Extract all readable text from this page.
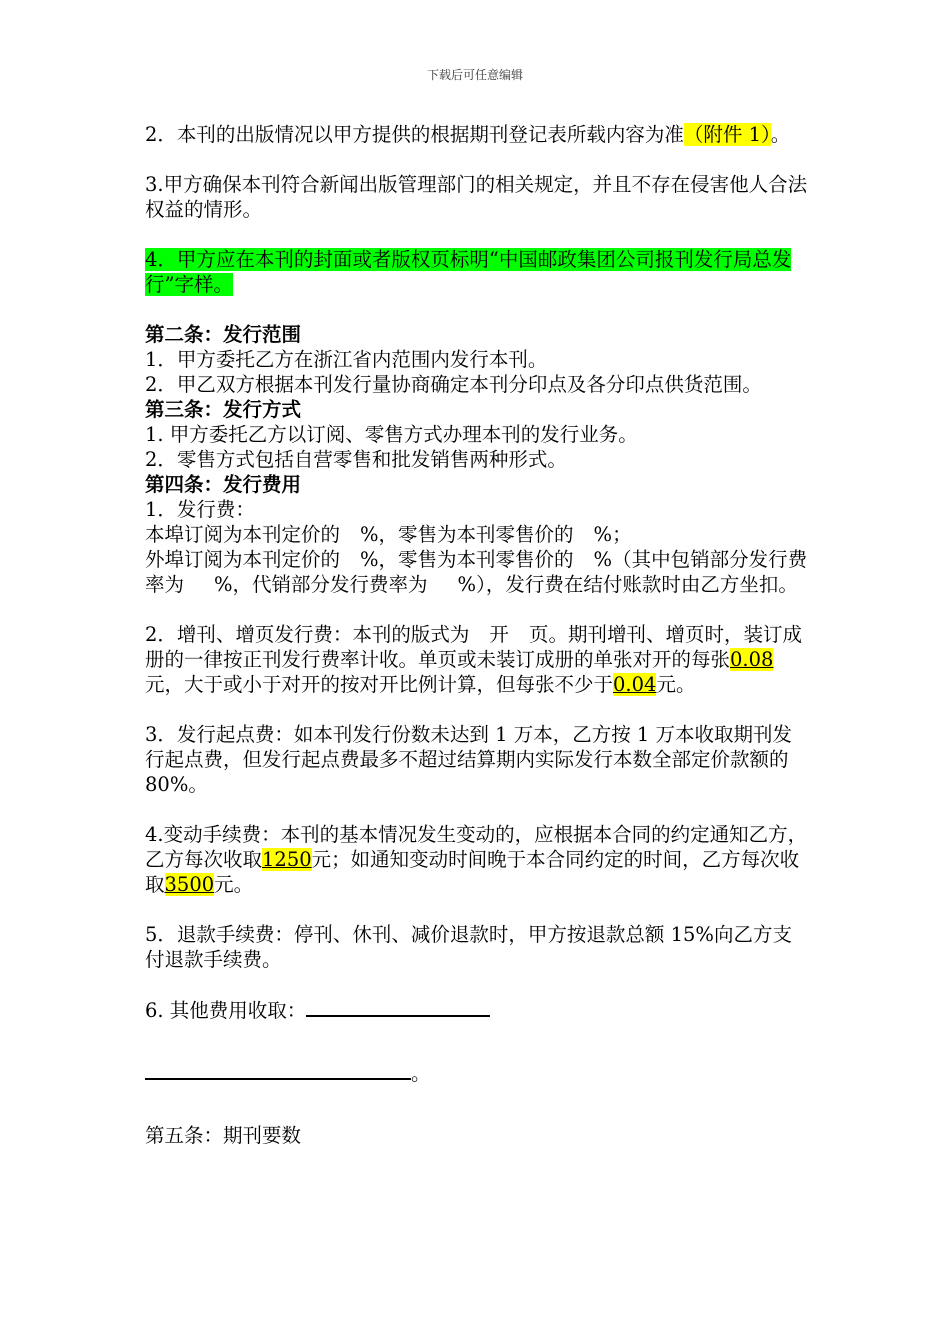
下载后可任意编辑

2．本刊的出版情况以甲方提供的根据期刊登记表所载内容为准（附件 1）。

3.甲方确保本刊符合新闻出版管理部门的相关规定，并且不存在侵害他人合法权益的情形。

4．甲方应在本刊的封面或者版权页标明“中国邮政集团公司报刊发行局总发行”字样。

第二条：发行范围

1．甲方委托乙方在浙江省内范围内发行本刊。

2．甲乙双方根据本刊发行量协商确定本刊分印点及各分印点供货范围。

第三条：发行方式

1. 甲方委托乙方以订阅、零售方式办理本刊的发行业务。

2．零售方式包括自营零售和批发销售两种形式。

第四条：发行费用

1．发行费：

本埠订阅为本刊定价的 %，零售为本刊零售价的 %；

外埠订阅为本刊定价的 %，零售为本刊零售价的 %（其中包销部分发行费率为 %，代销部分发行费率为 %），发行费在结付账款时由乙方坐扣。

2．增刊、增页发行费：本刊的版式为 开 页。期刊增刊、增页时，装订成册的一律按正刊发行费率计收。单页或未装订成册的单张对开的每张0.08元，大于或小于对开的按对开比例计算，但每张不少于0.04元。

3．发行起点费：如本刊发行份数未达到 1 万本，乙方按 1 万本收取期刊发行起点费，但发行起点费最多不超过结算期内实际发行本数全部定价款额的 80%。

4.变动手续费：本刊的基本情况发生变动的，应根据本合同的约定通知乙方，乙方每次收取1250元；如通知变动时间晚于本合同约定的时间，乙方每次收取3500元。

5．退款手续费：停刊、休刊、减价退款时，甲方按退款总额 15%向乙方支付退款手续费。

6. 其他费用收取：

。

第五条：期刊要数
